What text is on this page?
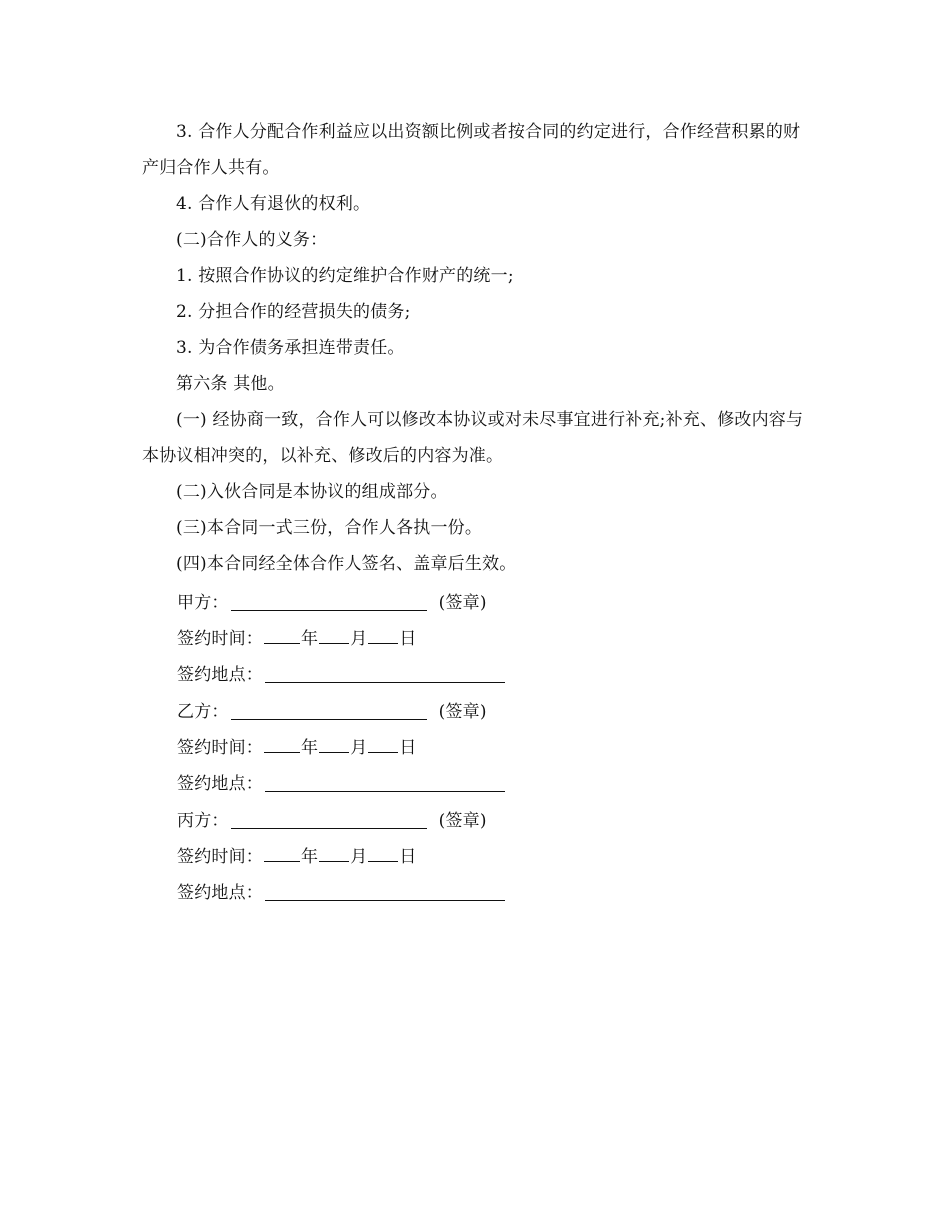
3. 合作人分配合作利益应以出资额比例或者按合同的约定进行，合作经营积累的财产归合作人共有。

4. 合作人有退伙的权利。

(二)合作人的义务：

1. 按照合作协议的约定维护合作财产的统一;

2. 分担合作的经营损失的债务;

3. 为合作债务承担连带责任。

第六条 其他。

(一) 经协商一致，合作人可以修改本协议或对未尽事宜进行补充;补充、修改内容与本协议相冲突的，以补充、修改后的内容为准。

(二)入伙合同是本协议的组成部分。

(三)本合同一式三份，合作人各执一份。

(四)本合同经全体合作人签名、盖章后生效。

甲方：	(签章)
签约时间： 年 月 日
签约地点：
乙方：	(签章)
签约时间： 年 月 日
签约地点：
丙方：	(签章)
签约时间： 年 月 日
签约地点：
